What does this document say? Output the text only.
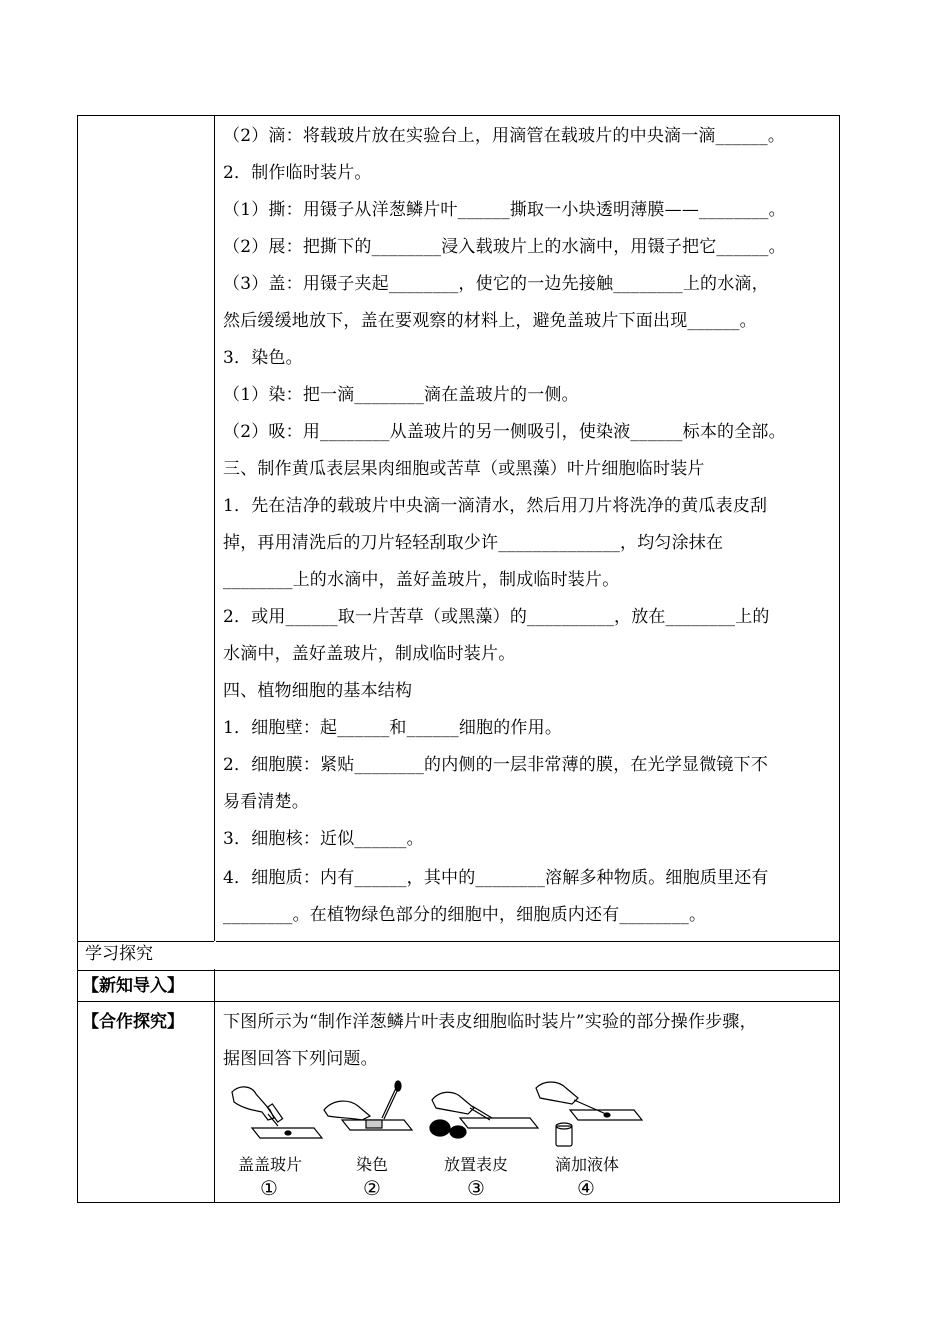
（2）滴：将载玻片放在实验台上，用滴管在载玻片的中央滴一滴______。
2．制作临时装片。
（1）撕：用镊子从洋葱鳞片叶______撕取一小块透明薄膜——________。
（2）展：把撕下的________浸入载玻片上的水滴中，用镊子把它______。
（3）盖：用镊子夹起________，使它的一边先接触________上的水滴，
然后缓缓地放下，盖在要观察的材料上，避免盖玻片下面出现______。
3．染色。
（1）染：把一滴________滴在盖玻片的一侧。
（2）吸：用________从盖玻片的另一侧吸引，使染液______标本的全部。
三、制作黄瓜表层果肉细胞或苦草（或黑藻）叶片细胞临时装片
1．先在洁净的载玻片中央滴一滴清水，然后用刀片将洗净的黄瓜表皮刮
掉，再用清洗后的刀片轻轻刮取少许______________，均匀涂抹在
________上的水滴中，盖好盖玻片，制成临时装片。
2．或用______取一片苦草（或黑藻）的__________，放在________上的
水滴中，盖好盖玻片，制成临时装片。
四、植物细胞的基本结构
1．细胞壁：起______和______细胞的作用。
2．细胞膜：紧贴________的内侧的一层非常薄的膜，在光学显微镜下不
易看清楚。
3．细胞核：近似______。
4．细胞质：内有______，其中的________溶解多种物质。细胞质里还有
________。在植物绿色部分的细胞中，细胞质内还有________。
学习探究
【新知导入】
【合作探究】 下图所示为“制作洋葱鳞片叶表皮细胞临时装片”实验的部分操作步骤，
据图回答下列问题。
盖盖玻片	染色	放置表皮	滴加液体
①	②	③	④
